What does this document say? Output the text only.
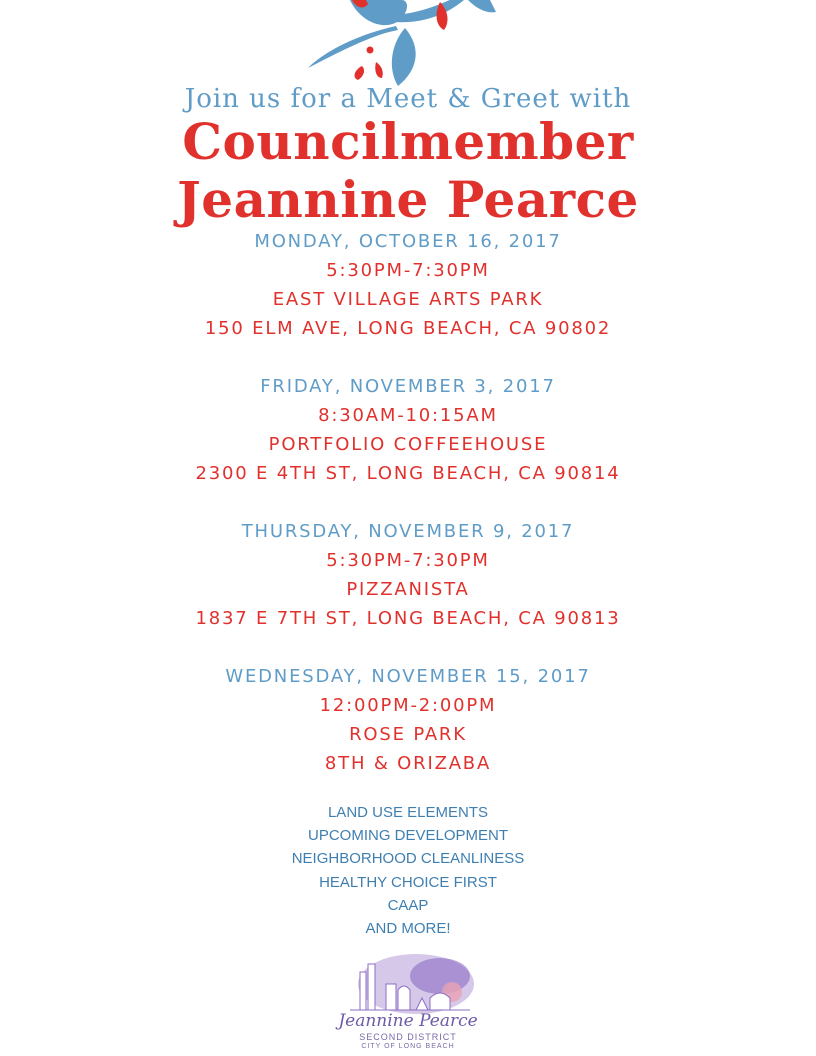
Join us for a Meet & Greet with
Councilmember
Jeannine Pearce
MONDAY, OCTOBER 16, 2017
5:30PM-7:30PM
EAST VILLAGE ARTS PARK
150 ELM AVE, LONG BEACH, CA 90802
FRIDAY, NOVEMBER 3, 2017
8:30AM-10:15AM
PORTFOLIO COFFEEHOUSE
2300 E 4TH ST, LONG BEACH, CA 90814
THURSDAY, NOVEMBER 9, 2017
5:30PM-7:30PM
PIZZANISTA
1837 E 7TH ST, LONG BEACH, CA 90813
WEDNESDAY, NOVEMBER 15, 2017
12:00PM-2:00PM
ROSE PARK
8TH & ORIZABA
LAND USE ELEMENTS
UPCOMING DEVELOPMENT
NEIGHBORHOOD CLEANLINESS
HEALTHY CHOICE FIRST
CAAP
AND MORE!
Jeannine Pearce
SECOND DISTRICT
CITY OF LONG BEACH
